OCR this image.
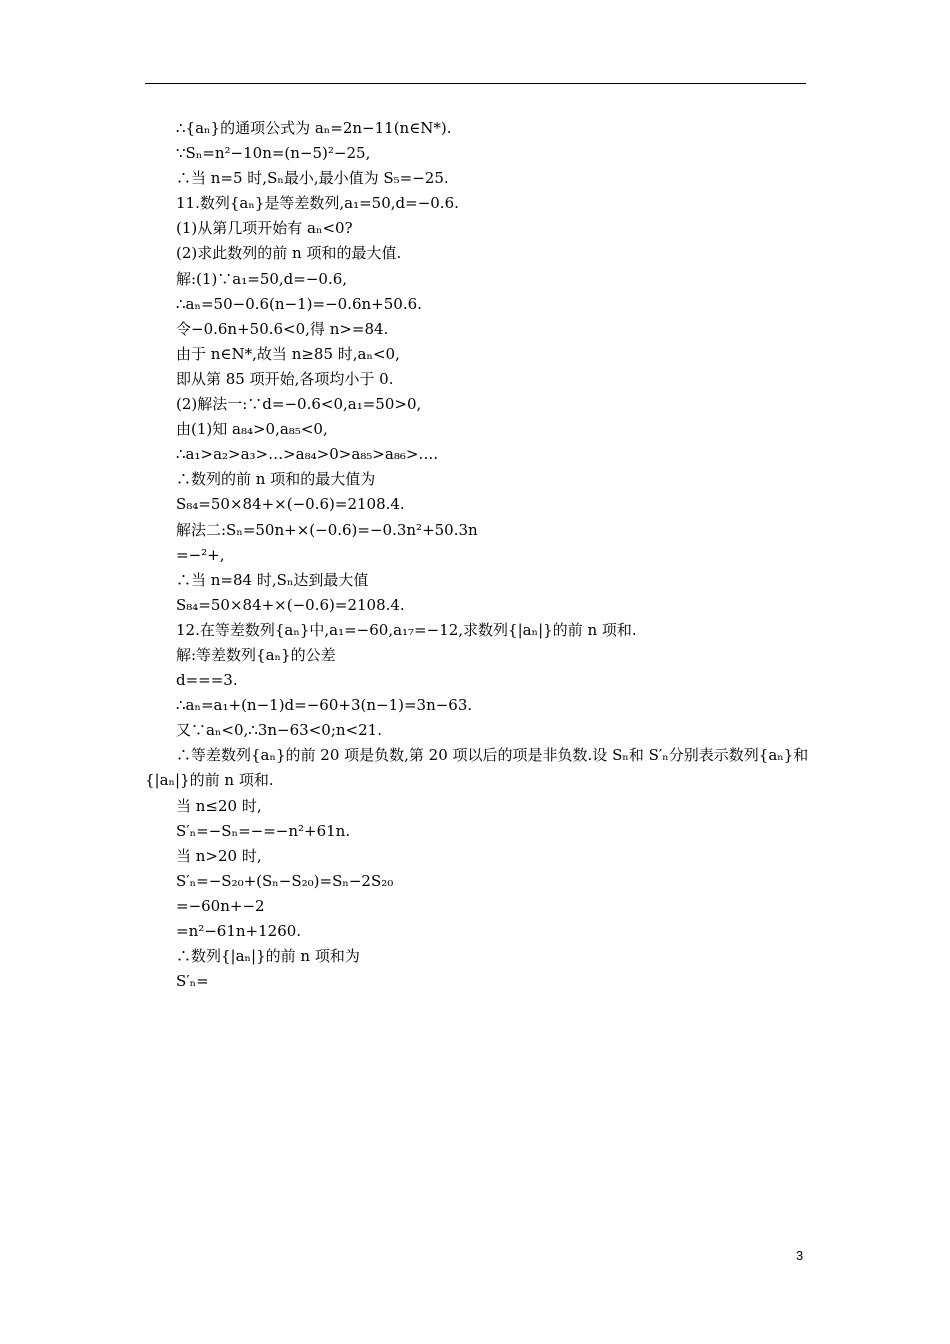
∴{aₙ}的通项公式为 aₙ=2n−11(n∈N*).
∵Sₙ=n²−10n=(n−5)²−25,
∴当 n=5 时,Sₙ最小,最小值为 S₅=−25.
11.数列{aₙ}是等差数列,a₁=50,d=−0.6.
(1)从第几项开始有 aₙ<0?
(2)求此数列的前 n 项和的最大值.
解:(1)∵a₁=50,d=−0.6,
∴aₙ=50−0.6(n−1)=−0.6n+50.6.
令−0.6n+50.6<0,得 n>=84.
由于 n∈N*,故当 n≥85 时,aₙ<0,
即从第 85 项开始,各项均小于 0.
(2)解法一:∵d=−0.6<0,a₁=50>0,
由(1)知 a₈₄>0,a₈₅<0,
∴a₁>a₂>a₃>…>a₈₄>0>a₈₅>a₈₆>….
∴数列的前 n 项和的最大值为
S₈₄=50×84+×(−0.6)=2108.4.
解法二:Sₙ=50n+×(−0.6)=−0.3n²+50.3n
=−²+,
∴当 n=84 时,Sₙ达到最大值
S₈₄=50×84+×(−0.6)=2108.4.
12.在等差数列{aₙ}中,a₁=−60,a₁₇=−12,求数列{|aₙ|}的前 n 项和.
解:等差数列{aₙ}的公差
d===3.
∴aₙ=a₁+(n−1)d=−60+3(n−1)=3n−63.
又∵aₙ<0,∴3n−63<0;n<21.
∴等差数列{aₙ}的前 20 项是负数,第 20 项以后的项是非负数.设 Sₙ和 S′ₙ分别表示数列{aₙ}和{|aₙ|}的前 n 项和.
当 n≤20 时,
S′ₙ=−Sₙ=−=−n²+61n.
当 n>20 时,
S′ₙ=−S₂₀+(Sₙ−S₂₀)=Sₙ−2S₂₀
=−60n+−2
=n²−61n+1260.
∴数列{|aₙ|}的前 n 项和为
S′ₙ=
3
